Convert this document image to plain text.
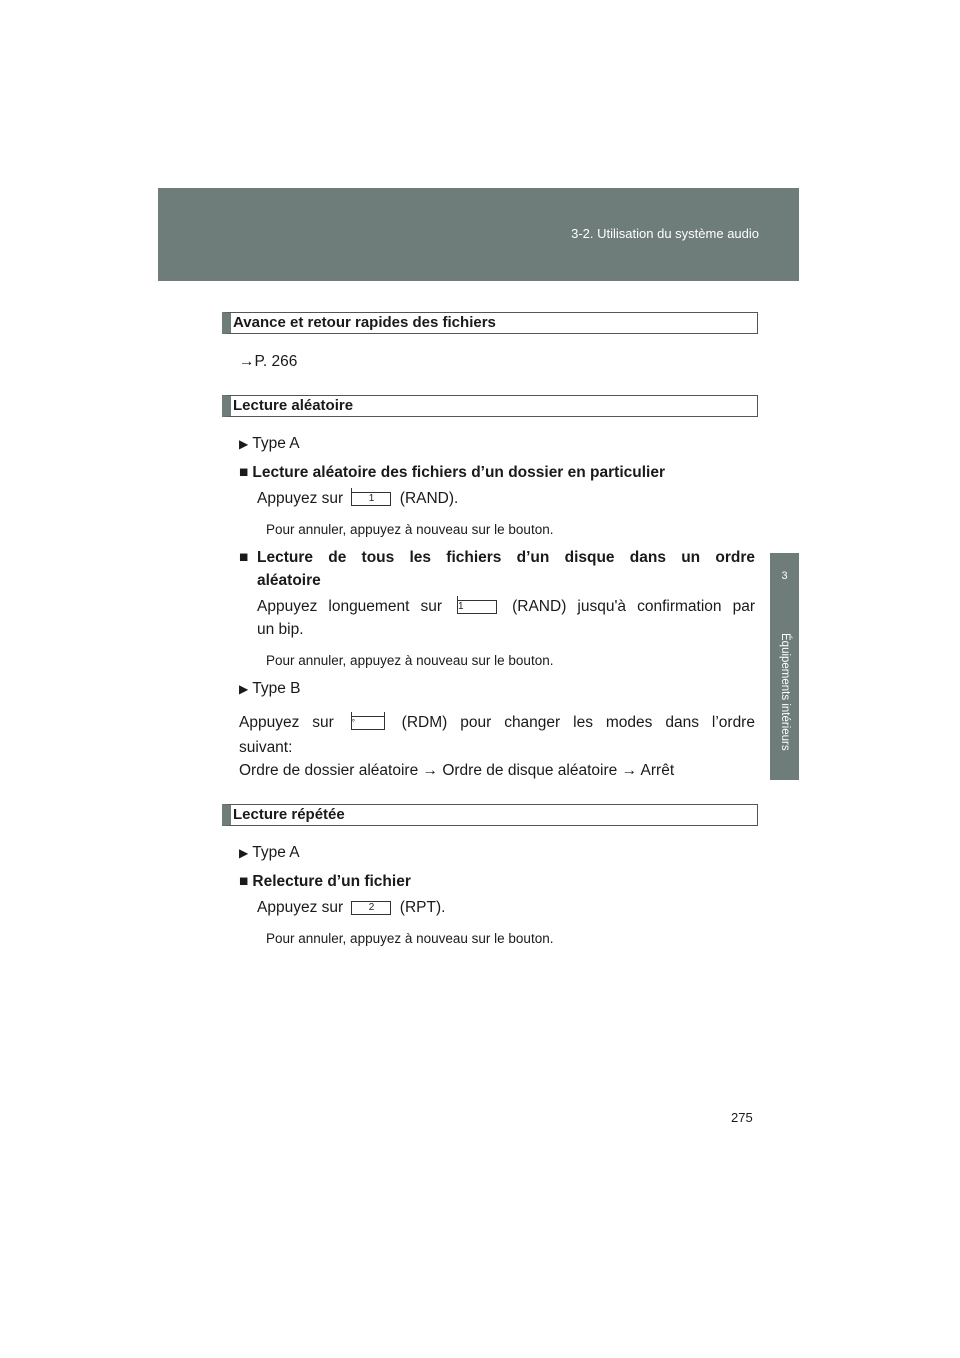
3-2. Utilisation du système audio
3
Équipements intérieurs
Avance et retour rapides des fichiers
→P. 266
Lecture aléatoire
▶ Type A
■ Lecture aléatoire des fichiers d’un dossier en particulier
Appuyez sur	1 (RAND).
Pour annuler, appuyez à nouveau sur le bouton.
■ Lecture de tous les fichiers d’un disque dans un ordre
aléatoire
Appuyez longuement sur 1	(RAND) jusqu'à confirmation par
un bip.
Pour annuler, appuyez à nouveau sur le bouton.
▶ Type B
Appuyez sur °	(RDM) pour changer les modes dans l’ordre
suivant:
Ordre de dossier aléatoire → Ordre de disque aléatoire → Arrêt
Lecture répétée
▶ Type A
■ Relecture d’un fichier
Appuyez sur	2 (RPT).
Pour annuler, appuyez à nouveau sur le bouton.
275
